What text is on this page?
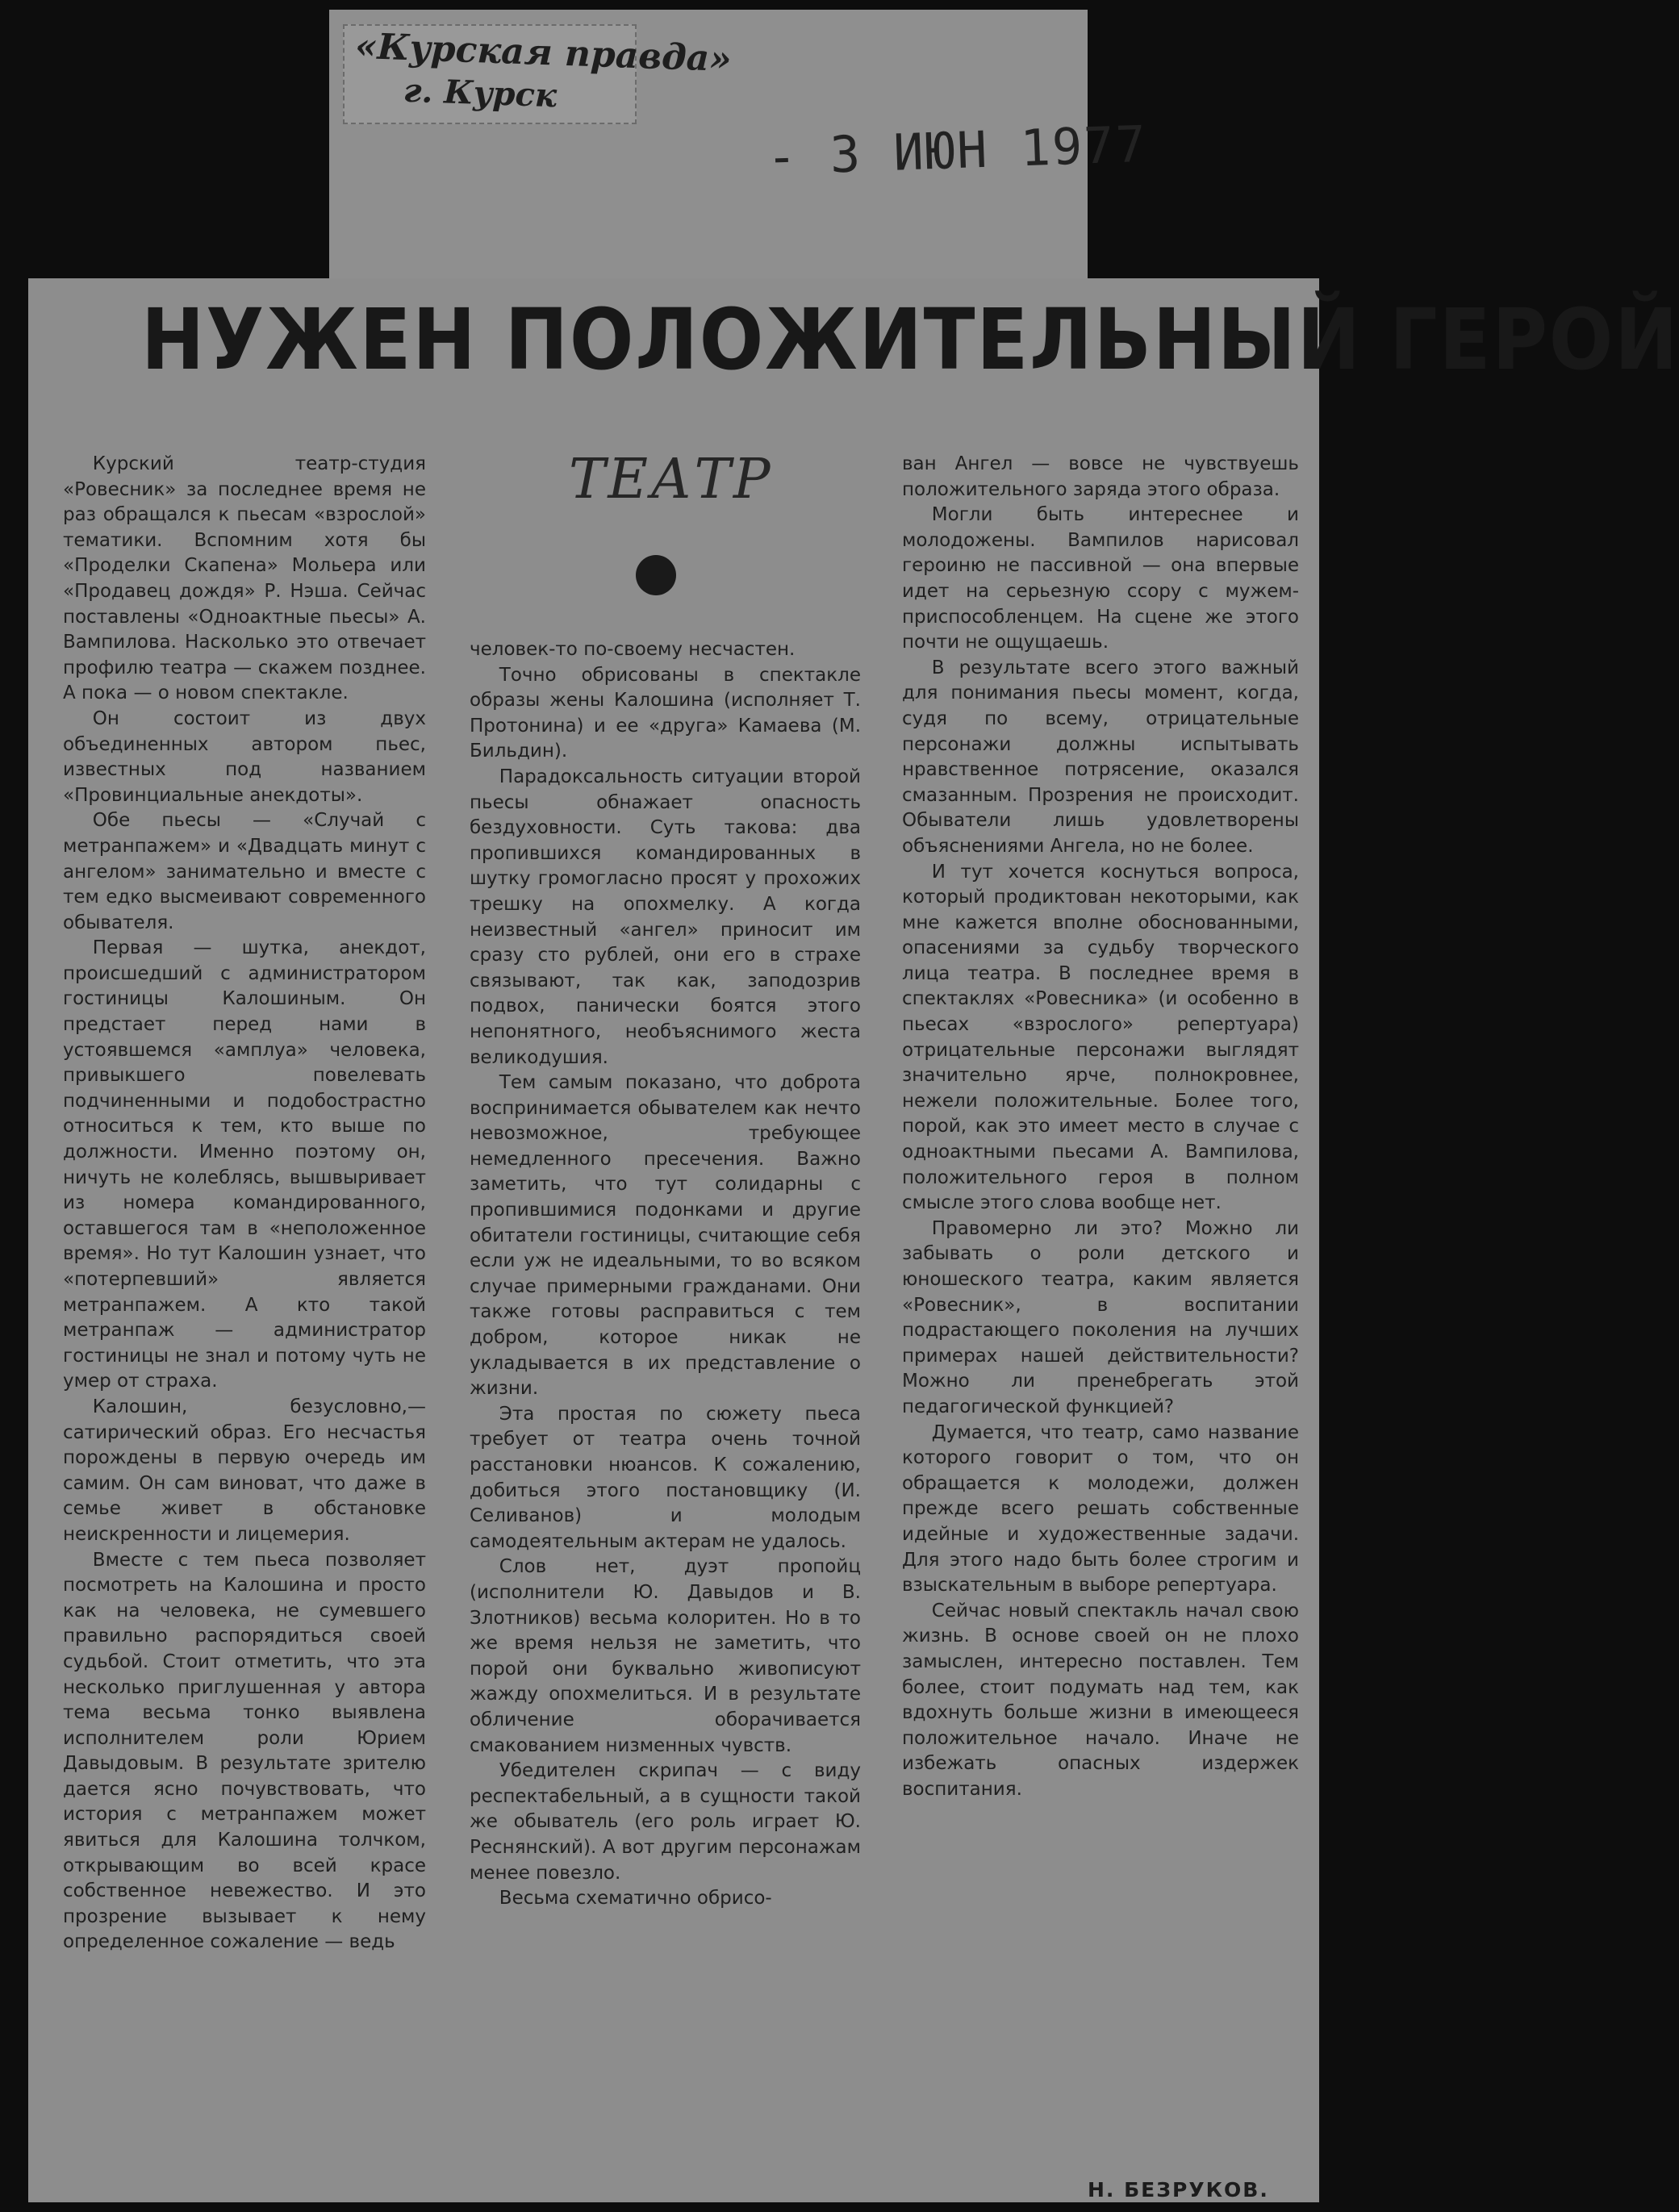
«Курская правда»
г. Курск
- 3 ИЮН 1977
НУЖЕН ПОЛОЖИТЕЛЬНЫЙ ГЕРОЙ
ТЕАТР

Курский театр-студия «Ровесник» за последнее время не раз обращался к пьесам «взрослой» тематики. Вспомним хотя бы «Проделки Скапена» Мольера или «Продавец дождя» Р. Нэша. Сейчас поставлены «Одноактные пьесы» А. Вампилова. Насколько это отвечает профилю театра — скажем позднее. А пока — о новом спектакле.

Он состоит из двух объединенных автором пьес, известных под названием «Провинциальные анекдоты».

Обе пьесы — «Случай с метранпажем» и «Двадцать минут с ангелом» занимательно и вместе с тем едко высмеивают современного обывателя.

Первая — шутка, анекдот, происшедший с администратором гостиницы Калошиным. Он предстает перед нами в устоявшемся «амплуа» человека, привыкшего повелевать подчиненными и подобострастно относиться к тем, кто выше по должности. Именно поэтому он, ничуть не колеблясь, вышвыривает из номера командированного, оставшегося там в «неположенное время». Но тут Калошин узнает, что «потерпевший» является метранпажем. А кто такой метранпаж — администратор гостиницы не знал и потому чуть не умер от страха.

Калошин, безусловно,— сатирический образ. Его несчастья порождены в первую очередь им самим. Он сам виноват, что даже в семье живет в обстановке неискренности и лицемерия.

Вместе с тем пьеса позволяет посмотреть на Калошина и просто как на человека, не сумевшего правильно распорядиться своей судьбой. Стоит отметить, что эта несколько приглушенная у автора тема весьма тонко выявлена исполнителем роли Юрием Давыдовым. В результате зрителю дается ясно почувствовать, что история с метранпажем может явиться для Калошина толчком, открывающим во всей красе собственное невежество. И это прозрение вызывает к нему определенное сожаление — ведь

человек-то по-своему несчастен.

Точно обрисованы в спектакле образы жены Калошина (исполняет Т. Протонина) и ее «друга» Камаева (М. Бильдин).

Парадоксальность ситуации второй пьесы обнажает опасность бездуховности. Суть такова: два пропившихся командированных в шутку громогласно просят у прохожих трешку на опохмелку. А когда неизвестный «ангел» приносит им сразу сто рублей, они его в страхе связывают, так как, заподозрив подвох, панически боятся этого непонятного, необъяснимого жеста великодушия.

Тем самым показано, что доброта воспринимается обывателем как нечто невозможное, требующее немедленного пресечения. Важно заметить, что тут солидарны с пропившимися подонками и другие обитатели гостиницы, считающие себя если уж не идеальными, то во всяком случае примерными гражданами. Они также готовы расправиться с тем добром, которое никак не укладывается в их представление о жизни.

Эта простая по сюжету пьеса требует от театра очень точной расстановки нюансов. К сожалению, добиться этого постановщику (И. Селиванов) и молодым самодеятельным актерам не удалось.

Слов нет, дуэт пропойц (исполнители Ю. Давыдов и В. Злотников) весьма колоритен. Но в то же время нельзя не заметить, что порой они буквально живописуют жажду опохмелиться. И в результате обличение оборачивается смакованием низменных чувств.

Убедителен скрипач — с виду респектабельный, а в сущности такой же обыватель (его роль играет Ю. Реснянский). А вот другим персонажам менее повезло.

Весьма схематично обрисо-

ван Ангел — вовсе не чувствуешь положительного заряда этого образа.

Могли быть интереснее и молодожены. Вампилов нарисовал героиню не пассивной — она впервые идет на серьезную ссору с мужем-приспособленцем. На сцене же этого почти не ощущаешь.

В результате всего этого важный для понимания пьесы момент, когда, судя по всему, отрицательные персонажи должны испытывать нравственное потрясение, оказался смазанным. Прозрения не происходит. Обыватели лишь удовлетворены объяснениями Ангела, но не более.

И тут хочется коснуться вопроса, который продиктован некоторыми, как мне кажется вполне обоснованными, опасениями за судьбу творческого лица театра. В последнее время в спектаклях «Ровесника» (и особенно в пьесах «взрослого» репертуара) отрицательные персонажи выглядят значительно ярче, полнокровнее, нежели положительные. Более того, порой, как это имеет место в случае с одноактными пьесами А. Вампилова, положительного героя в полном смысле этого слова вообще нет.

Правомерно ли это? Можно ли забывать о роли детского и юношеского театра, каким является «Ровесник», в воспитании подрастающего поколения на лучших примерах нашей действительности? Можно ли пренебрегать этой педагогической функцией?

Думается, что театр, само название которого говорит о том, что он обращается к молодежи, должен прежде всего решать собственные идейные и художественные задачи. Для этого надо быть более строгим и взыскательным в выборе репертуара.

Сейчас новый спектакль начал свою жизнь. В основе своей он не плохо замыслен, интересно поставлен. Тем более, стоит подумать над тем, как вдохнуть больше жизни в имеющееся положительное начало. Иначе не избежать опасных издержек воспитания.

Н. БЕЗРУКОВ.
